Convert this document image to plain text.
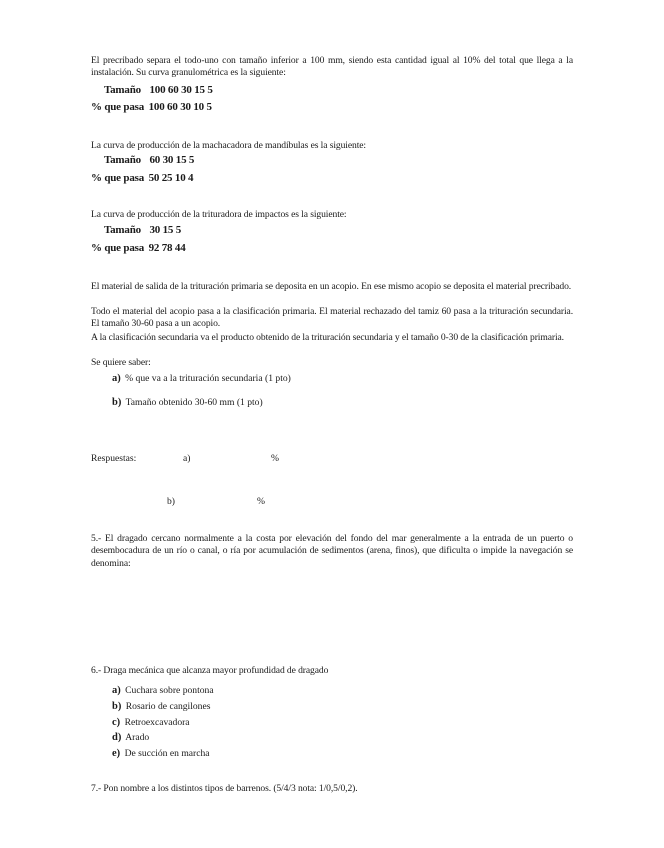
El precribado separa el todo-uno con tamaño inferior a 100 mm, siendo esta cantidad igual al 10% del total que llega a la instalación. Su curva granulométrica es la siguiente:
Tamaño 100 60 30 15 5
% que pasa 100 60 30 10 5
La curva de producción de la machacadora de mandíbulas es la siguiente:
Tamaño 60 30 15 5
% que pasa 50 25 10 4
La curva de producción de la trituradora de impactos es la siguiente:
Tamaño 30 15 5
% que pasa 92 78 44
El material de salida de la trituración primaria se deposita en un acopio. En ese mismo acopio se deposita el material precribado.
Todo el material del acopio pasa a la clasificación primaria. El material rechazado del tamiz 60 pasa a la trituración secundaria. El tamaño 30-60 pasa a un acopio.
A la clasificación secundaria va el producto obtenido de la trituración secundaria y el tamaño 0-30 de la clasificación primaria.
Se quiere saber:
a) % que va a la trituración secundaria (1 pto)
b) Tamaño obtenido 30-60 mm (1 pto)
Respuestas:	a)	%
b)	%
5.- El dragado cercano normalmente a la costa por elevación del fondo del mar generalmente a la entrada de un puerto o desembocadura de un río o canal, o ría por acumulación de sedimentos (arena, finos), que dificulta o impide la navegación se denomina:
6.- Draga mecánica que alcanza mayor profundidad de dragado
a) Cuchara sobre pontona
b) Rosario de cangilones
c) Retroexcavadora
d) Arado
e) De succión en marcha
7.- Pon nombre a los distintos tipos de barrenos. (5/4/3 nota: 1/0,5/0,2).
